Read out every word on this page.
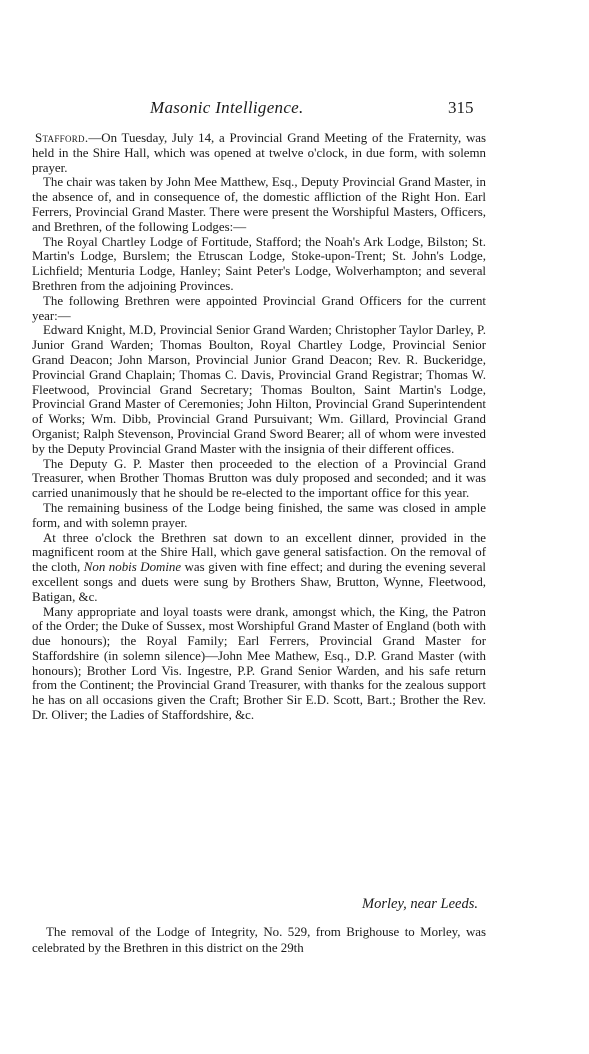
Masonic Intelligence.	315

Stafford.—On Tuesday, July 14, a Provincial Grand Meeting of the Fraternity, was held in the Shire Hall, which was opened at twelve o'clock, in due form, with solemn prayer.

The chair was taken by John Mee Matthew, Esq., Deputy Provincial Grand Master, in the absence of, and in consequence of, the domestic affliction of the Right Hon. Earl Ferrers, Provincial Grand Master. There were present the Worshipful Masters, Officers, and Brethren, of the following Lodges:—

The Royal Chartley Lodge of Fortitude, Stafford; the Noah's Ark Lodge, Bilston; St. Martin's Lodge, Burslem; the Etruscan Lodge, Stoke-upon-Trent; St. John's Lodge, Lichfield; Menturia Lodge, Hanley; Saint Peter's Lodge, Wolverhampton; and several Brethren from the adjoining Provinces.

The following Brethren were appointed Provincial Grand Officers for the current year:—

Edward Knight, M.D, Provincial Senior Grand Warden; Christopher Taylor Darley, P. Junior Grand Warden; Thomas Boulton, Royal Chartley Lodge, Provincial Senior Grand Deacon; John Marson, Provincial Junior Grand Deacon; Rev. R. Buckeridge, Provincial Grand Chaplain; Thomas C. Davis, Provincial Grand Registrar; Thomas W. Fleetwood, Provincial Grand Secretary; Thomas Boulton, Saint Martin's Lodge, Provincial Grand Master of Ceremonies; John Hilton, Provincial Grand Superintendent of Works; Wm. Dibb, Provincial Grand Pursuivant; Wm. Gillard, Provincial Grand Organist; Ralph Stevenson, Provincial Grand Sword Bearer; all of whom were invested by the Deputy Provincial Grand Master with the insignia of their different offices.

The Deputy G. P. Master then proceeded to the election of a Provincial Grand Treasurer, when Brother Thomas Brutton was duly proposed and seconded; and it was carried unanimously that he should be re-elected to the important office for this year.

The remaining business of the Lodge being finished, the same was closed in ample form, and with solemn prayer.

At three o'clock the Brethren sat down to an excellent dinner, provided in the magnificent room at the Shire Hall, which gave general satisfaction. On the removal of the cloth, Non nobis Domine was given with fine effect; and during the evening several excellent songs and duets were sung by Brothers Shaw, Brutton, Wynne, Fleetwood, Batigan, &c.

Many appropriate and loyal toasts were drank, amongst which, the King, the Patron of the Order; the Duke of Sussex, most Worshipful Grand Master of England (both with due honours); the Royal Family; Earl Ferrers, Provincial Grand Master for Staffordshire (in solemn silence)—John Mee Mathew, Esq., D.P. Grand Master (with honours); Brother Lord Vis. Ingestre, P.P. Grand Senior Warden, and his safe return from the Continent; the Provincial Grand Treasurer, with thanks for the zealous support he has on all occasions given the Craft; Brother Sir E.D. Scott, Bart.; Brother the Rev. Dr. Oliver; the Ladies of Staffordshire, &c.

Morley, near Leeds.

The removal of the Lodge of Integrity, No. 529, from Brighouse to Morley, was celebrated by the Brethren in this district on the 29th
